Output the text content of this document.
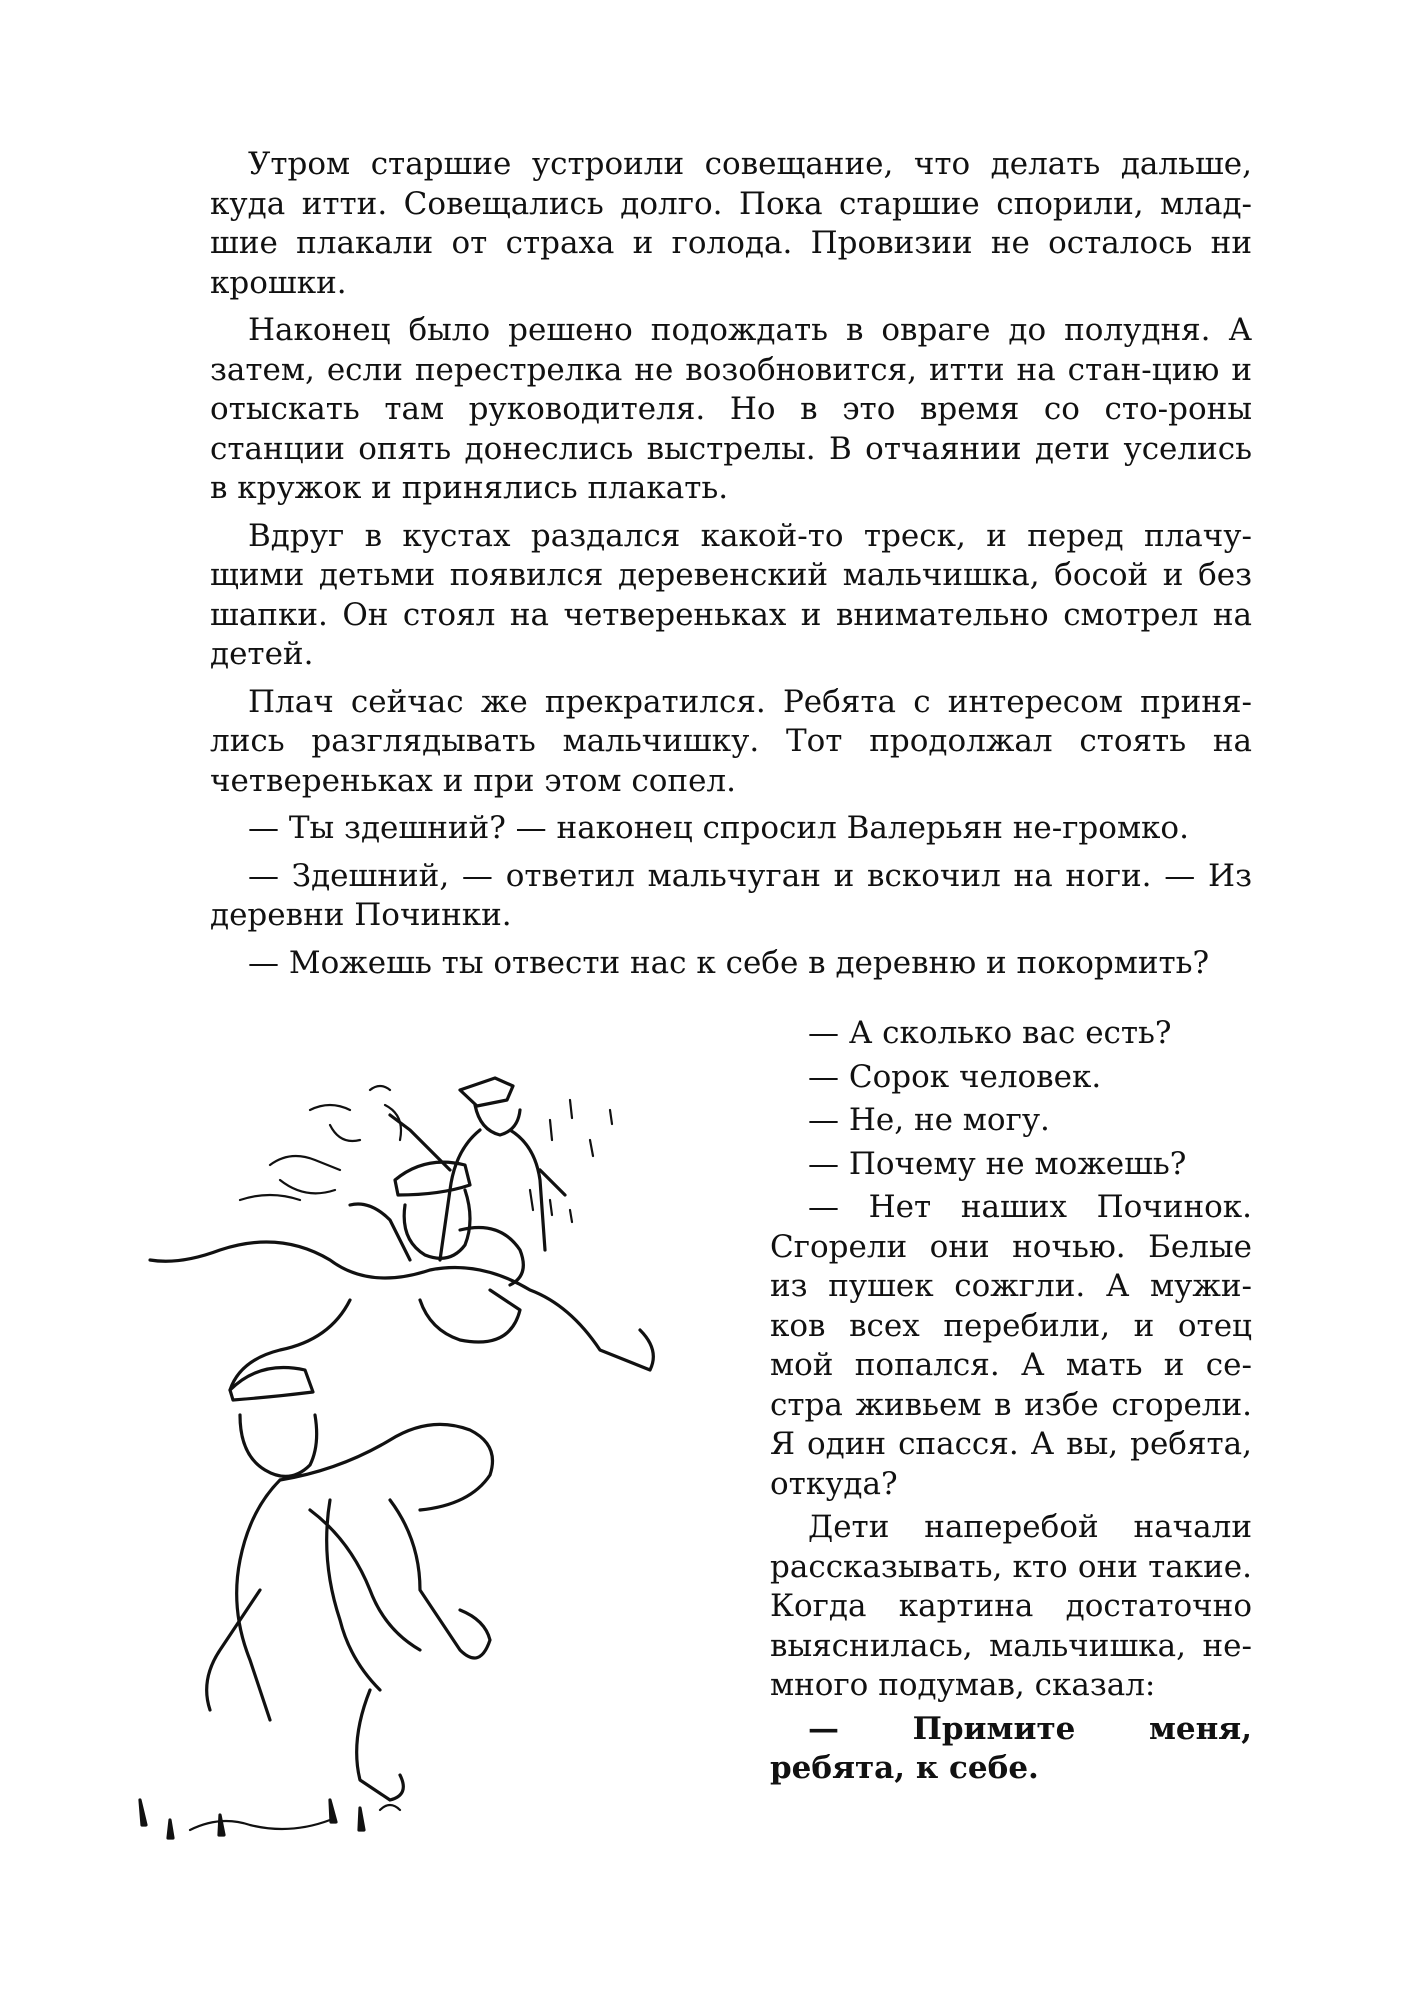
Утром старшие устроили совещание, что делать дальше, куда итти. Совещались долго. Пока старшие спорили, млад-шие плакали от страха и голода. Провизии не осталось ни крошки.

Наконец было решено подождать в овраге до полудня. А затем, если перестрелка не возобновится, итти на стан-цию и отыскать там руководителя. Но в это время со сто-роны станции опять донеслись выстрелы. В отчаянии дети уселись в кружок и принялись плакать.

Вдруг в кустах раздался какой-то треск, и перед плачу-щими детьми появился деревенский мальчишка, босой и без шапки. Он стоял на четвереньках и внимательно смотрел на детей.

Плач сейчас же прекратился. Ребята с интересом приня-лись разглядывать мальчишку. Тот продолжал стоять на четвереньках и при этом сопел.

— Ты здешний? — наконец спросил Валерьян не-громко.

— Здешний, — ответил мальчуган и вскочил на ноги. — Из деревни Починки.

— Можешь ты отвести нас к себе в деревню и покормить?

— А сколько вас есть?

— Сорок человек.

— Не, не могу.

— Почему не можешь?

— Нет наших Починок. Сгорели они ночью. Белые из пушек сожгли. А мужи-ков всех перебили, и отец мой попался. А мать и се-стра живьем в избе сгорели. Я один спасся. А вы, ребята, откуда?

Дети наперебой начали рассказывать, кто они такие. Когда картина достаточно выяснилась, мальчишка, не-много подумав, сказал:

— Примите меня, ребята, к себе.
